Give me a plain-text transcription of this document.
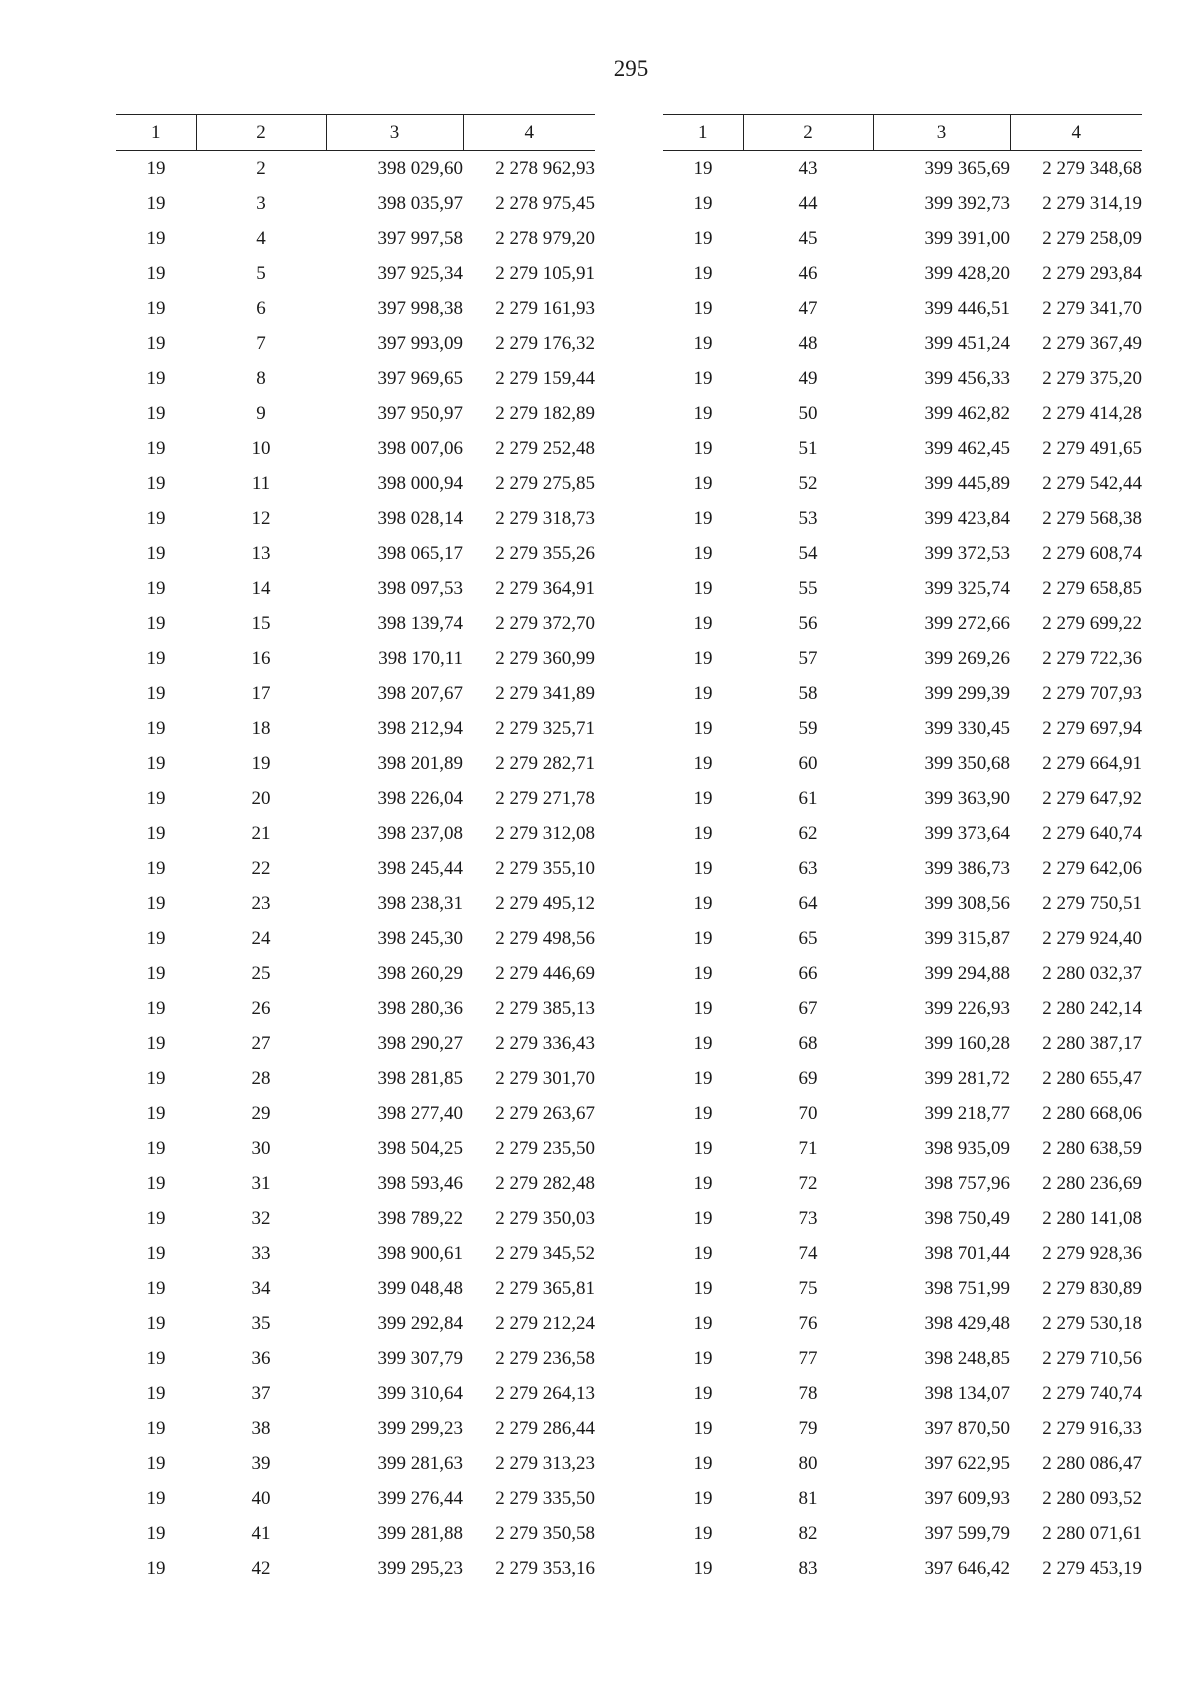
295
1	2	3	4
19	2	398 029,60	2 278 962,93
19	3	398 035,97	2 278 975,45
19	4	397 997,58	2 278 979,20
19	5	397 925,34	2 279 105,91
19	6	397 998,38	2 279 161,93
19	7	397 993,09	2 279 176,32
19	8	397 969,65	2 279 159,44
19	9	397 950,97	2 279 182,89
19	10	398 007,06	2 279 252,48
19	11	398 000,94	2 279 275,85
19	12	398 028,14	2 279 318,73
19	13	398 065,17	2 279 355,26
19	14	398 097,53	2 279 364,91
19	15	398 139,74	2 279 372,70
19	16	398 170,11	2 279 360,99
19	17	398 207,67	2 279 341,89
19	18	398 212,94	2 279 325,71
19	19	398 201,89	2 279 282,71
19	20	398 226,04	2 279 271,78
19	21	398 237,08	2 279 312,08
19	22	398 245,44	2 279 355,10
19	23	398 238,31	2 279 495,12
19	24	398 245,30	2 279 498,56
19	25	398 260,29	2 279 446,69
19	26	398 280,36	2 279 385,13
19	27	398 290,27	2 279 336,43
19	28	398 281,85	2 279 301,70
19	29	398 277,40	2 279 263,67
19	30	398 504,25	2 279 235,50
19	31	398 593,46	2 279 282,48
19	32	398 789,22	2 279 350,03
19	33	398 900,61	2 279 345,52
19	34	399 048,48	2 279 365,81
19	35	399 292,84	2 279 212,24
19	36	399 307,79	2 279 236,58
19	37	399 310,64	2 279 264,13
19	38	399 299,23	2 279 286,44
19	39	399 281,63	2 279 313,23
19	40	399 276,44	2 279 335,50
19	41	399 281,88	2 279 350,58
19	42	399 295,23	2 279 353,16
1	2	3	4
19	43	399 365,69	2 279 348,68
19	44	399 392,73	2 279 314,19
19	45	399 391,00	2 279 258,09
19	46	399 428,20	2 279 293,84
19	47	399 446,51	2 279 341,70
19	48	399 451,24	2 279 367,49
19	49	399 456,33	2 279 375,20
19	50	399 462,82	2 279 414,28
19	51	399 462,45	2 279 491,65
19	52	399 445,89	2 279 542,44
19	53	399 423,84	2 279 568,38
19	54	399 372,53	2 279 608,74
19	55	399 325,74	2 279 658,85
19	56	399 272,66	2 279 699,22
19	57	399 269,26	2 279 722,36
19	58	399 299,39	2 279 707,93
19	59	399 330,45	2 279 697,94
19	60	399 350,68	2 279 664,91
19	61	399 363,90	2 279 647,92
19	62	399 373,64	2 279 640,74
19	63	399 386,73	2 279 642,06
19	64	399 308,56	2 279 750,51
19	65	399 315,87	2 279 924,40
19	66	399 294,88	2 280 032,37
19	67	399 226,93	2 280 242,14
19	68	399 160,28	2 280 387,17
19	69	399 281,72	2 280 655,47
19	70	399 218,77	2 280 668,06
19	71	398 935,09	2 280 638,59
19	72	398 757,96	2 280 236,69
19	73	398 750,49	2 280 141,08
19	74	398 701,44	2 279 928,36
19	75	398 751,99	2 279 830,89
19	76	398 429,48	2 279 530,18
19	77	398 248,85	2 279 710,56
19	78	398 134,07	2 279 740,74
19	79	397 870,50	2 279 916,33
19	80	397 622,95	2 280 086,47
19	81	397 609,93	2 280 093,52
19	82	397 599,79	2 280 071,61
19	83	397 646,42	2 279 453,19
